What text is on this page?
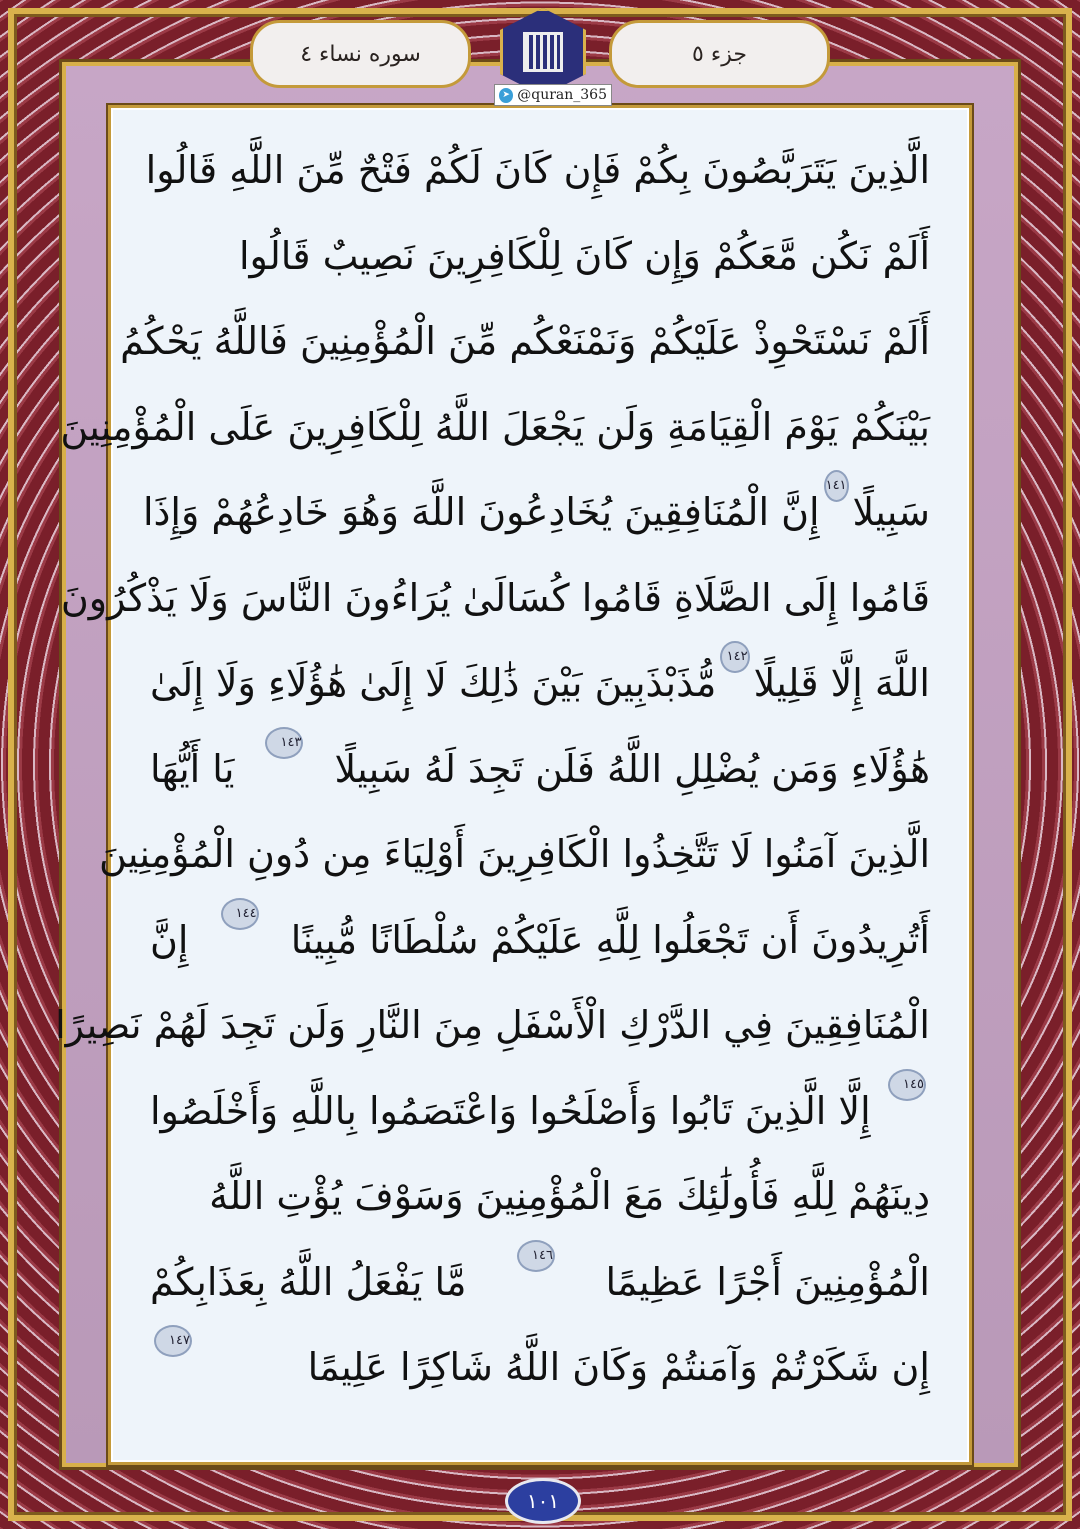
سوره نساء ٤	جزء ٥
➤ @quran_365
الَّذِينَ يَتَرَبَّصُونَ بِكُمْ فَإِن كَانَ لَكُمْ فَتْحٌ مِّنَ اللَّهِ قَالُوا
أَلَمْ نَكُن مَّعَكُمْ وَإِن كَانَ لِلْكَافِرِينَ نَصِيبٌ قَالُوا
أَلَمْ نَسْتَحْوِذْ عَلَيْكُمْ وَنَمْنَعْكُم مِّنَ الْمُؤْمِنِينَ فَاللَّهُ يَحْكُمُ
بَيْنَكُمْ يَوْمَ الْقِيَامَةِ وَلَن يَجْعَلَ اللَّهُ لِلْكَافِرِينَ عَلَى الْمُؤْمِنِينَ
سَبِيلًا
١٤١
إِنَّ الْمُنَافِقِينَ يُخَادِعُونَ اللَّهَ وَهُوَ خَادِعُهُمْ وَإِذَا
قَامُوا إِلَى الصَّلَاةِ قَامُوا كُسَالَىٰ يُرَاءُونَ النَّاسَ وَلَا يَذْكُرُونَ
اللَّهَ إِلَّا قَلِيلًا
١٤٢
مُّذَبْذَبِينَ بَيْنَ ذَٰلِكَ لَا إِلَىٰ هَٰؤُلَاءِ وَلَا إِلَىٰ
هَٰؤُلَاءِ وَمَن يُضْلِلِ اللَّهُ فَلَن تَجِدَ لَهُ سَبِيلًا
١٤٣
يَا أَيُّهَا
الَّذِينَ آمَنُوا لَا تَتَّخِذُوا الْكَافِرِينَ أَوْلِيَاءَ مِن دُونِ الْمُؤْمِنِينَ
أَتُرِيدُونَ أَن تَجْعَلُوا لِلَّهِ عَلَيْكُمْ سُلْطَانًا مُّبِينًا
١٤٤
إِنَّ
الْمُنَافِقِينَ فِي الدَّرْكِ الْأَسْفَلِ مِنَ النَّارِ وَلَن تَجِدَ لَهُمْ نَصِيرًا
١٤٥
إِلَّا الَّذِينَ تَابُوا وَأَصْلَحُوا وَاعْتَصَمُوا بِاللَّهِ وَأَخْلَصُوا
دِينَهُمْ لِلَّهِ فَأُولَٰئِكَ مَعَ الْمُؤْمِنِينَ وَسَوْفَ يُؤْتِ اللَّهُ
الْمُؤْمِنِينَ أَجْرًا عَظِيمًا
١٤٦
مَّا يَفْعَلُ اللَّهُ بِعَذَابِكُمْ
إِن شَكَرْتُمْ وَآمَنتُمْ وَكَانَ اللَّهُ شَاكِرًا عَلِيمًا
١٤٧
١٠١
